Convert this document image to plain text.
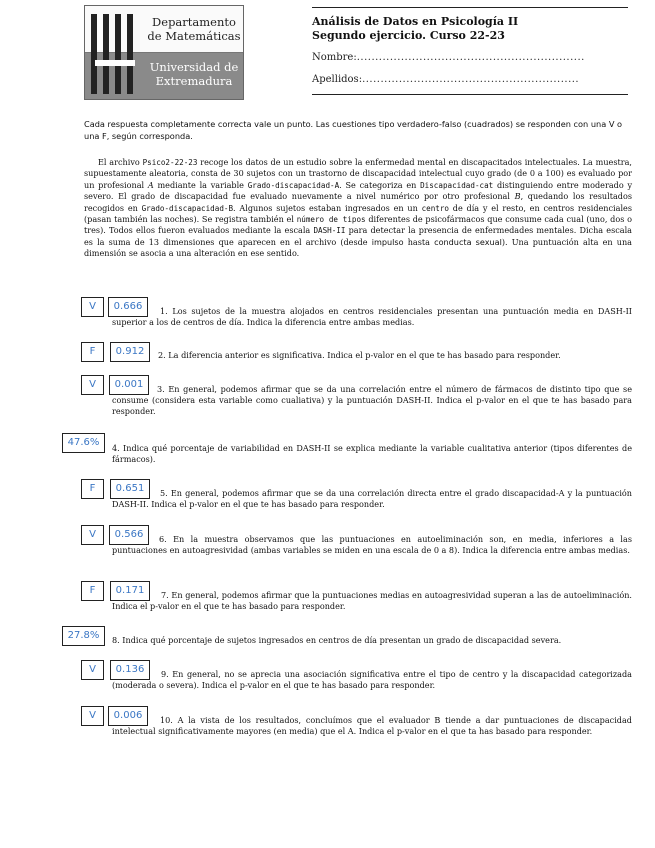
Departamento de Matemáticas
Universidad de Extremadura
Análisis de Datos en Psicología II
Segundo ejercicio. Curso 22-23
Nombre:..............................................................
Apellidos:...........................................................
Cada respuesta completamente correcta vale un punto. Las cuestiones tipo verdadero-falso (cuadrados) se responden con una V o una F, según corresponda.
El archivo Psico2-22-23 recoge los datos de un estudio sobre la enfermedad mental en discapacitados intelectuales. La muestra, supuestamente aleatoria, consta de 30 sujetos con un trastorno de discapacidad intelectual cuyo grado (de 0 a 100) es evaluado por un profesional A mediante la variable Grado-discapacidad-A. Se categoriza en Discapacidad-cat distinguiendo entre moderado y severo. El grado de discapacidad fue evaluado nuevamente a nivel numérico por otro profesional B, quedando los resultados recogidos en Grado-discapacidad-B. Algunos sujetos estaban ingresados en un centro de día y el resto, en centros residenciales (pasan también las noches). Se registra también el número de tipos diferentes de psicofármacos que consume cada cual (uno, dos o tres). Todos ellos fueron evaluados mediante la escala DASH-II para detectar la presencia de enfermedades mentales. Dicha escala es la suma de 13 dimensiones que aparecen en el archivo (desde impulso hasta conducta sexual). Una puntuación alta en una dimensión se asocia a una alteración en ese sentido.
V	0.666	1. Los sujetos de la muestra alojados en centros residenciales presentan una puntuación media en DASH-II superior a los de centros de día. Indica la diferencia entre ambas medias.
F	0.912	2. La diferencia anterior es significativa. Indica el p-valor en el que te has basado para responder.
V	0.001	3. En general, podemos afirmar que se da una correlación entre el número de fármacos de distinto tipo que se consume (considera esta variable como cualiativa) y la puntuación DASH-II. Indica el p-valor en el que te has basado para responder.
47.6%	4. Indica qué porcentaje de variabilidad en DASH-II se explica mediante la variable cualitativa anterior (tipos diferentes de fármacos).
F	0.651	5. En general, podemos afirmar que se da una correlación directa entre el grado discapacidad-A y la puntuación DASH-II. Indica el p-valor en el que te has basado para responder.
V	0.566	6. En la muestra observamos que las puntuaciones en autoeliminación son, en media, inferiores a las puntuaciones en autoagresividad (ambas variables se miden en una escala de 0 a 8). Indica la diferencia entre ambas medias.
F	0.171	7. En general, podemos afirmar que la puntuaciones medias en autoagresividad superan a las de autoeliminación. Indica el p-valor en el que te has basado para responder.
27.8%	8. Indica qué porcentaje de sujetos ingresados en centros de día presentan un grado de discapacidad severa.
V	0.136	9. En general, no se aprecia una asociación significativa entre el tipo de centro y la discapacidad categorizada (moderada o severa). Indica el p-valor en el que te has basado para responder.
V	0.006	10. A la vista de los resultados, concluímos que el evaluador B tiende a dar puntuaciones de discapacidad intelectual significativamente mayores (en media) que el A. Indica el p-valor en el que ta has basado para responder.
